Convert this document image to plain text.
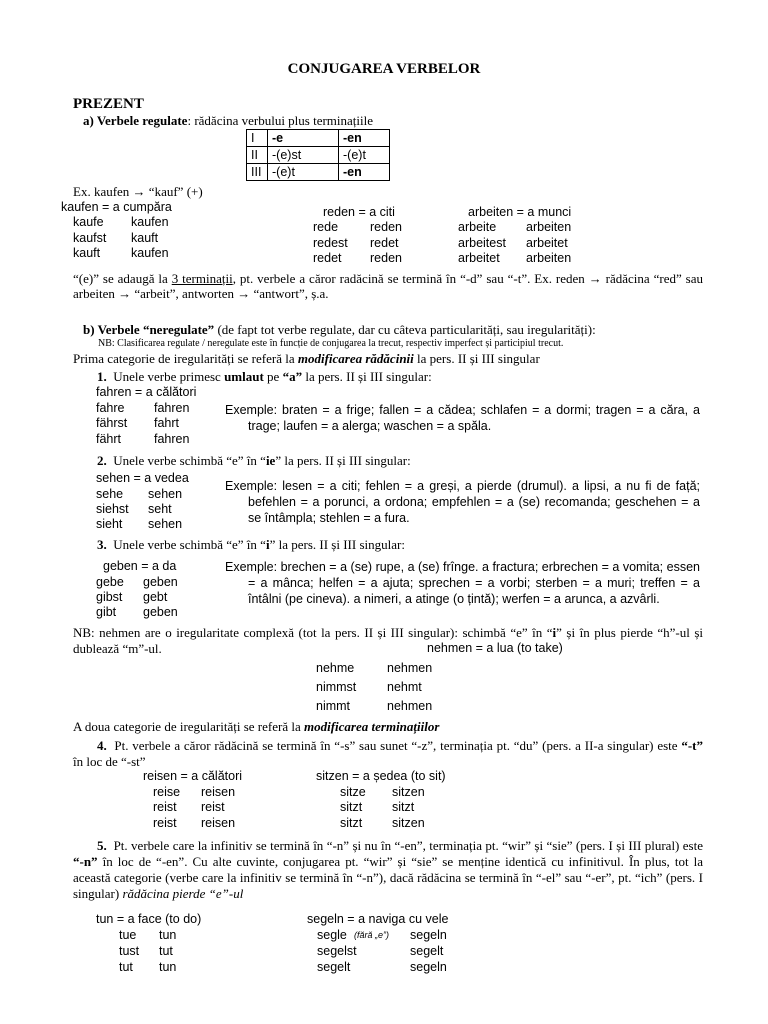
CONJUGAREA VERBELOR
PREZENT
a) Verbele regulate: rădăcina verbului plus terminațiile
I	-e	-en
II	-(e)st	-(e)t
III	-(e)t	-en
Ex. kaufen → “kauf” (+)
kaufen = a cumpăra
kaufe kaufen
kaufst kauft
kauft kaufen
reden = a citi
rede	reden
redest redet
redet reden
arbeiten = a munci
arbeite arbeiten
arbeitest arbeitet
arbeitet arbeiten
“(e)” se adaugă la 3 terminații, pt. verbele a căror radăcină se termină în “-d” sau “-t”. Ex. reden → rădăcina “red” sau arbeiten → “arbeit”, antworten → “antwort”, ș.a.
b) Verbele “neregulate” (de fapt tot verbe regulate, dar cu câteva particularități, sau iregularități):
NB: Clasificarea regulate / neregulate este în funcție de conjugarea la trecut, respectiv imperfect și participiul trecut.
Prima categorie de iregularități se referă la modificarea rădăcinii la pers. II și III singular
1. Unele verbe primesc umlaut pe “a” la pers. II și III singular:
fahren = a călători
fahre fahren
fährst fahrt
fährt	fahren
Exemple: braten = a frige; fallen = a cădea; schlafen = a dormi; tragen = a căra, a trage; laufen = a alerga; waschen = a spăla.
2. Unele verbe schimbă “e” în “ie” la pers. II și III singular:
sehen = a vedea
sehe sehen
siehst seht
sieht sehen
Exemple: lesen = a citi; fehlen = a greși, a pierde (drumul). a lipsi, a nu fi de față; befehlen = a porunci, a ordona; empfehlen = a (se) recomanda; geschehen = a se întâmpla; stehlen = a fura.
3. Unele verbe schimbă “e” în “i” la pers. II și III singular:
geben = a da
gebe geben
gibst gebt
gibt geben
Exemple: brechen = a (se) rupe, a (se) frînge. a fractura; erbrechen = a vomita; essen = a mânca; helfen = a ajuta; sprechen = a vorbi; sterben = a muri; treffen = a întâlni (pe cineva). a nimeri, a atinge (o țintă); werfen = a arunca, a azvârli.
NB: nehmen are o iregularitate complexă (tot la pers. II și III singular): schimbă “e” în “i” și în plus pierde “h”-ul și dublează “m”-ul.	nehmen = a lua (to take)
nehme	nehmen
nimmst nehmt
nimmt	nehmen
A doua categorie de iregularități se referă la modificarea terminațiilor
4. Pt. verbele a căror rădăcină se termină în “-s” sau sunet “-z”, terminația pt. “du” (pers. a II-a singular) este “-t” în loc de “-st”
reisen = a călători
reise reisen
reist reist
reist reisen
sitzen = a ședea (to sit)
sitze sitzen
sitzt sitzt
sitzt sitzen
5. Pt. verbele care la infinitiv se termină în “-n” și nu în “-en”, terminația pt. “wir” și “sie” (pers. I și III plural) este “-n” în loc de “-en”. Cu alte cuvinte, conjugarea pt. “wir” și “sie” se menține identică cu infinitivul. În plus, tot la această categorie (verbe care la infinitiv se termină în “-n”), dacă rădăcina se termină în “-el” sau “-er”, pt. “ich” (pers. I singular) rădăcina pierde “e”-ul
tun = a face (to do)
tue tun
tust tut
tut tun
segeln = a naviga cu vele
segle (fără „e”) segeln
segelst	segelt
segelt	segeln
